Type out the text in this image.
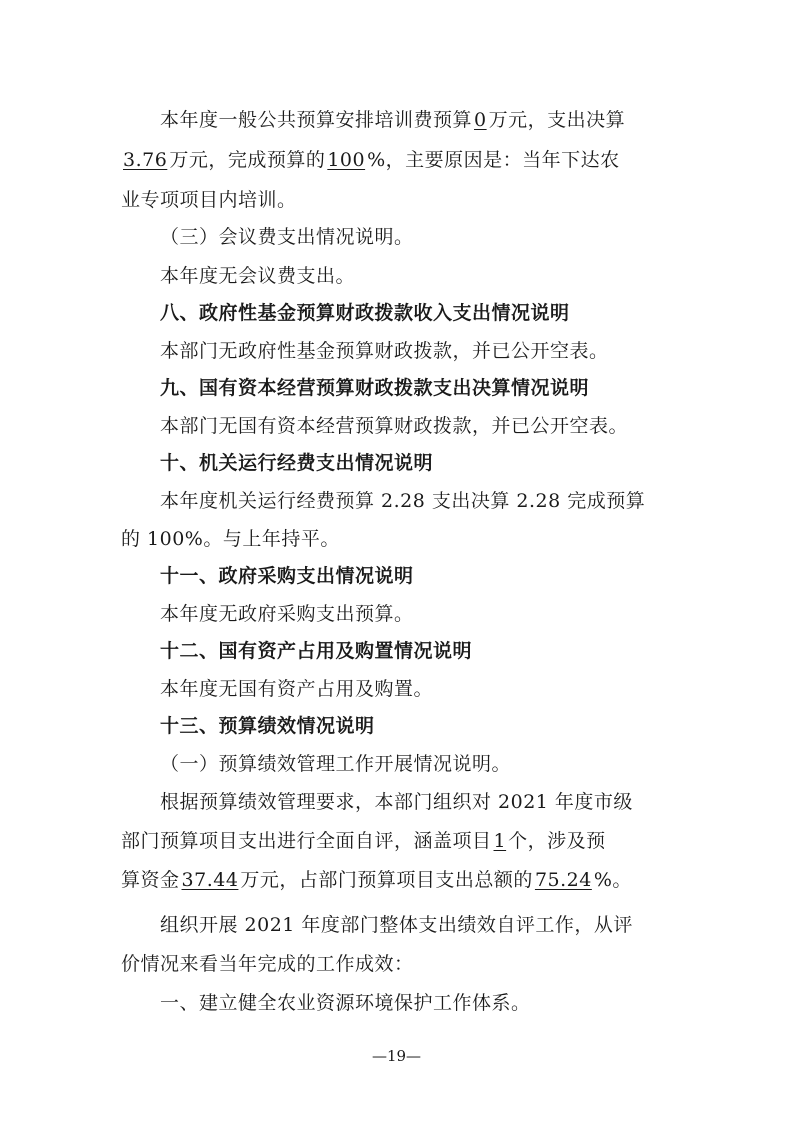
本年度一般公共预算安排培训费预算 0 万元，支出决算
3.76 万元，完成预算的 100 %，主要原因是：当年下达农
业专项项目内培训。
（三）会议费支出情况说明。
本年度无会议费支出。
八、政府性基金预算财政拨款收入支出情况说明
本部门无政府性基金预算财政拨款，并已公开空表。
九、国有资本经营预算财政拨款支出决算情况说明
本部门无国有资本经营预算财政拨款，并已公开空表。
十、机关运行经费支出情况说明
本年度机关运行经费预算 2.28 支出决算 2.28 完成预算
的 100%。与上年持平。
十一、政府采购支出情况说明
本年度无政府采购支出预算。
十二、国有资产占用及购置情况说明
本年度无国有资产占用及购置。
十三、预算绩效情况说明
（一）预算绩效管理工作开展情况说明。
根据预算绩效管理要求，本部门组织对 2021 年度市级
部门预算项目支出进行全面自评，涵盖项目 1 个，涉及预
算资金 37.44 万元，占部门预算项目支出总额的 75.24 %。
组织开展 2021 年度部门整体支出绩效自评工作，从评
价情况来看当年完成的工作成效：
一、建立健全农业资源环境保护工作体系。
—19—
